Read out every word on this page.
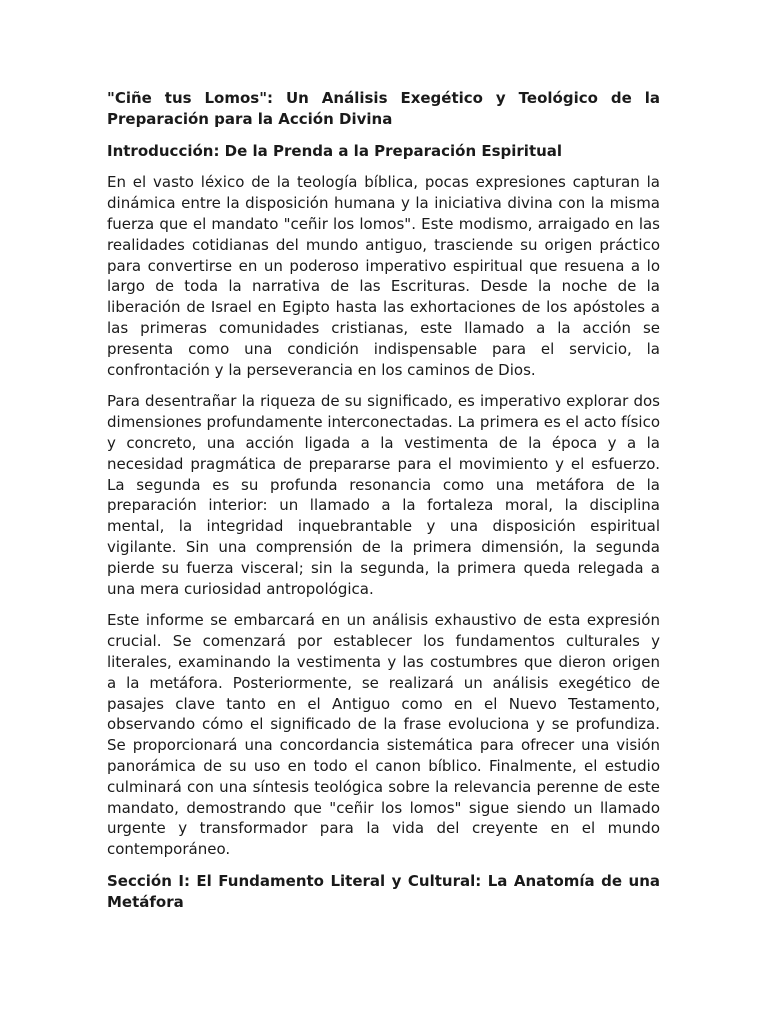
"Ciñe tus Lomos": Un Análisis Exegético y Teológico de la Preparación para la Acción Divina

Introducción: De la Prenda a la Preparación Espiritual

En el vasto léxico de la teología bíblica, pocas expresiones capturan la dinámica entre la disposición humana y la iniciativa divina con la misma fuerza que el mandato "ceñir los lomos". Este modismo, arraigado en las realidades cotidianas del mundo antiguo, trasciende su origen práctico para convertirse en un poderoso imperativo espiritual que resuena a lo largo de toda la narrativa de las Escrituras. Desde la noche de la liberación de Israel en Egipto hasta las exhortaciones de los apóstoles a las primeras comunidades cristianas, este llamado a la acción se presenta como una condición indispensable para el servicio, la confrontación y la perseverancia en los caminos de Dios.

Para desentrañar la riqueza de su significado, es imperativo explorar dos dimensiones profundamente interconectadas. La primera es el acto físico y concreto, una acción ligada a la vestimenta de la época y a la necesidad pragmática de prepararse para el movimiento y el esfuerzo. La segunda es su profunda resonancia como una metáfora de la preparación interior: un llamado a la fortaleza moral, la disciplina mental, la integridad inquebrantable y una disposición espiritual vigilante. Sin una comprensión de la primera dimensión, la segunda pierde su fuerza visceral; sin la segunda, la primera queda relegada a una mera curiosidad antropológica.

Este informe se embarcará en un análisis exhaustivo de esta expresión crucial. Se comenzará por establecer los fundamentos culturales y literales, examinando la vestimenta y las costumbres que dieron origen a la metáfora. Posteriormente, se realizará un análisis exegético de pasajes clave tanto en el Antiguo como en el Nuevo Testamento, observando cómo el significado de la frase evoluciona y se profundiza. Se proporcionará una concordancia sistemática para ofrecer una visión panorámica de su uso en todo el canon bíblico. Finalmente, el estudio culminará con una síntesis teológica sobre la relevancia perenne de este mandato, demostrando que "ceñir los lomos" sigue siendo un llamado urgente y transformador para la vida del creyente en el mundo contemporáneo.

Sección I: El Fundamento Literal y Cultural: La Anatomía de una Metáfora
